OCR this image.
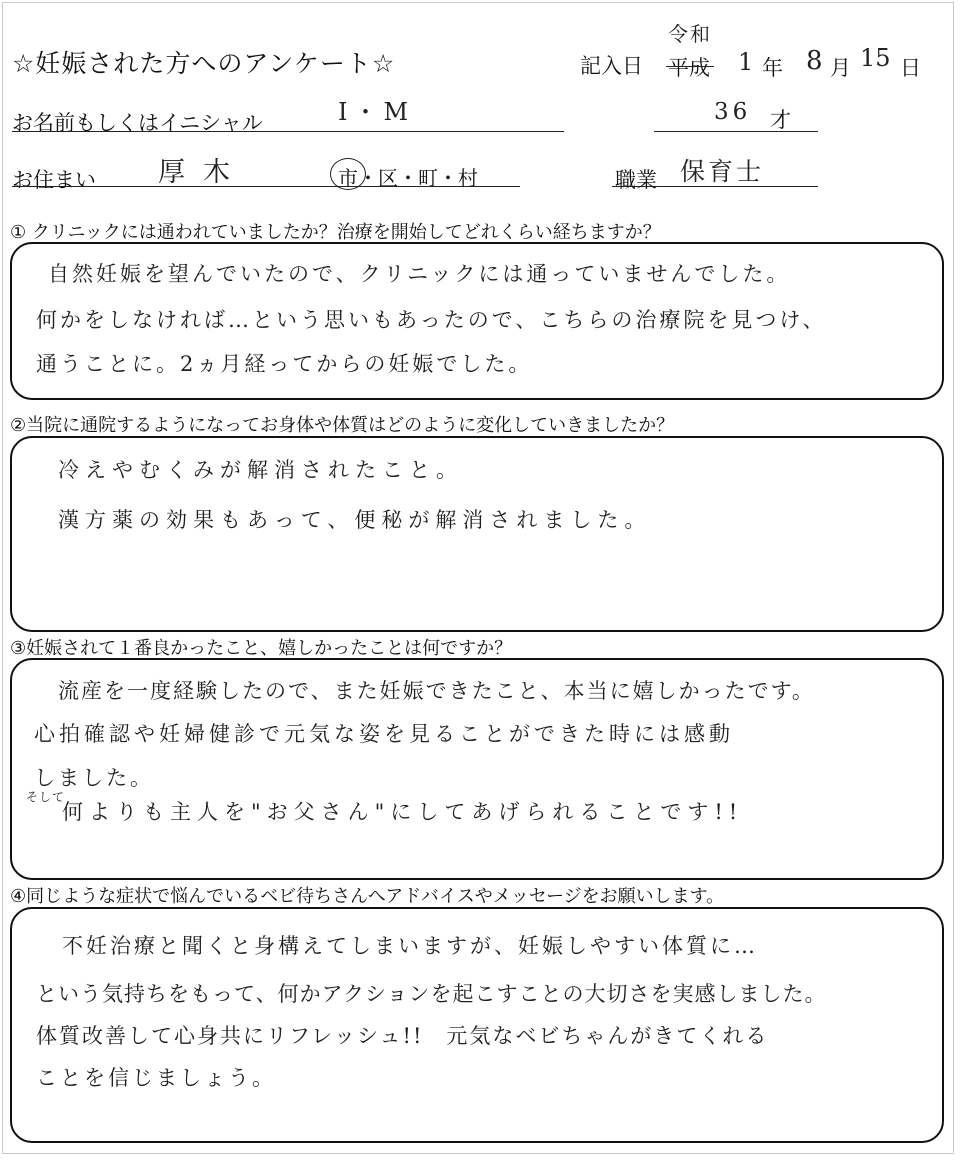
☆妊娠された方へのアンケート☆	記入日 平成
令和
1 年 8 月 15 日
お名前もしくはイニシャル	I・M	36 才
お住まい 厚木	市・区・町・村	職業 保育士
① クリニックには通われていましたか？治療を開始してどれくらい経ちますか？
自然妊娠を望んでいたので、クリニックには通っていませんでした。
何かをしなければ…という思いもあったので、こちらの治療院を見つけ、
通うことに。2ヵ月経ってからの妊娠でした。
②当院に通院するようになってお身体や体質はどのように変化していきましたか？
冷えやむくみが解消されたこと。
漢方薬の効果もあって、便秘が解消されました。
③妊娠されて１番良かったこと、嬉しかったことは何ですか？
流産を一度経験したので、また妊娠できたこと、本当に嬉しかったです。
心拍確認や妊婦健診で元気な姿を見ることができた時には感動
しました。
そして
何よりも主人を"お父さん"にしてあげられることです!!
④同じような症状で悩んでいるベビ待ちさんへアドバイスやメッセージをお願いします。
不妊治療と聞くと身構えてしまいますが、妊娠しやすい体質に…
という気持ちをもって、何かアクションを起こすことの大切さを実感しました。
体質改善して心身共にリフレッシュ!!　元気なベビちゃんがきてくれる
ことを信じましょう。
